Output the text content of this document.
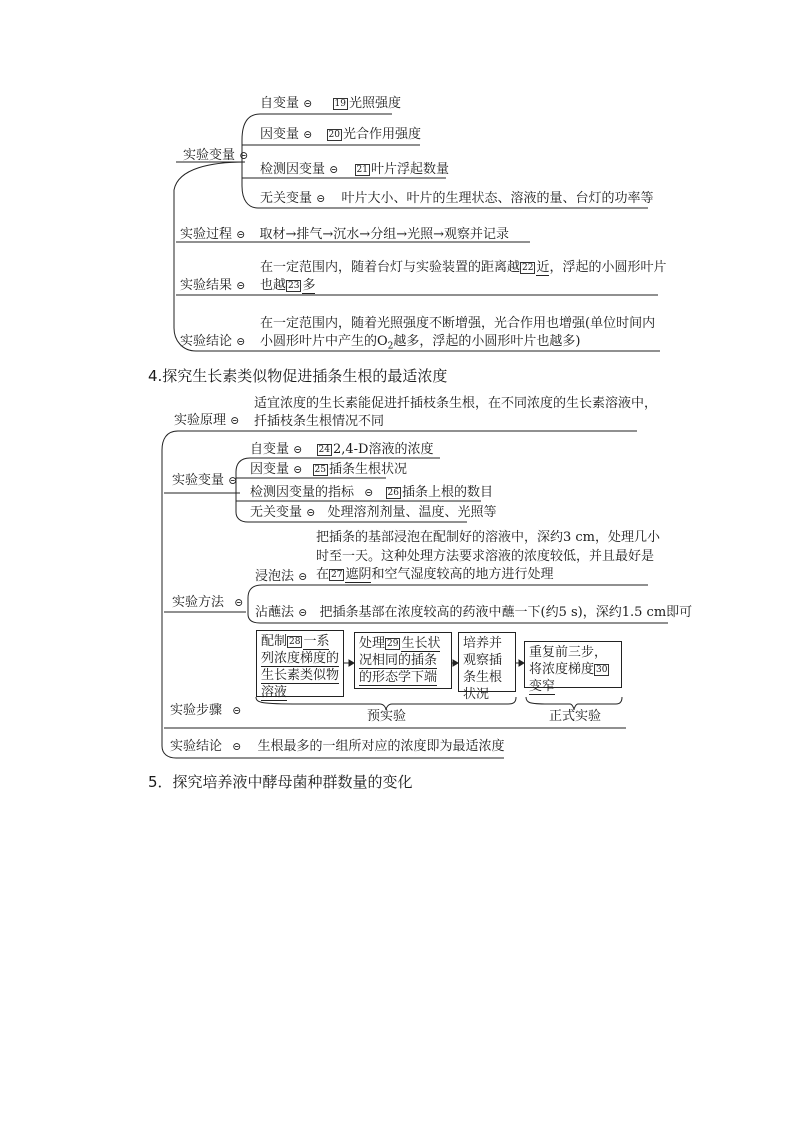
自变量 ⊝ 19 光照强度
因变量 ⊝ 20 光合作用强度
实验变量 ⊝
检测因变量 ⊝ 21 叶片浮起数量
无关变量 ⊝ 叶片大小、叶片的生理状态、溶液的量、台灯的功率等
实验过程 ⊝ 取材→排气→沉水→分组→光照→观察并记录
在一定范围内，随着台灯与实验装置的距离越 22 近，浮起的小圆形叶片
实验结果 ⊝ 也越 23 多
在一定范围内，随着光照强度不断增强，光合作用也增强(单位时间内
实验结论 ⊝ 小圆形叶片中产生的$O_2$越多，浮起的小圆形叶片也越多)
4.探究生长素类似物促进插条生根的最适浓度
适宜浓度的生长素能促进扦插枝条生根，在不同浓度的生长素溶液中，
实验原理 ⊝ 扦插枝条生根情况不同
自变量 ⊝ 24 2,4-D溶液的浓度
因变量 ⊝ 25 插条生根状况
实验变量 ⊝
检测因变量的指标 ⊝ 26 插条上根的数目
无关变量 ⊝ 处理溶剂剂量、温度、光照等
把插条的基部浸泡在配制好的溶液中，深约3 cm，处理几小
时至一天。这种处理方法要求溶液的浓度较低，并且最好是
浸泡法 ⊝ 在 27 遮阴和空气湿度较高的地方进行处理
实验方法 ⊝
沾蘸法 ⊝ 把插条基部在浓度较高的药液中蘸一下(约5 s)，深约1.5 cm即可
配制 28 一系列浓度梯度的生长素类似物溶液
处理 29 生长状况相同的插条的形态学下端
培养并观察插条生根状况
重复前三步，将浓度梯度 30变窄
预实验	正式实验
实验步骤 ⊝
实验结论 ⊝ 生根最多的一组所对应的浓度即为最适浓度
5．探究培养液中酵母菌种群数量的变化
